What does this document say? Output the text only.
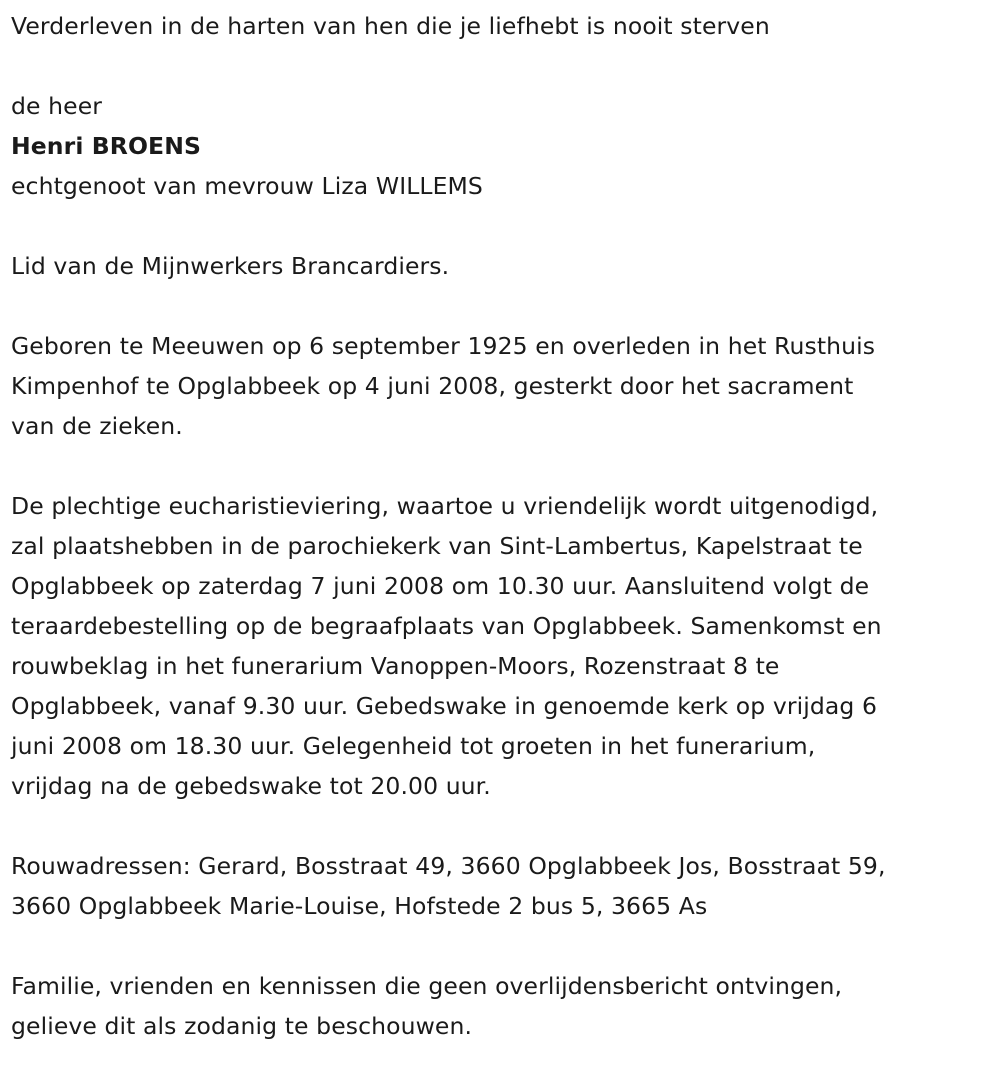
Verderleven in de harten van hen die je liefhebt is nooit sterven

de heer

Henri BROENS

echtgenoot van mevrouw Liza WILLEMS

Lid van de Mijnwerkers Brancardiers.

Geboren te Meeuwen op 6 september 1925 en overleden in het Rusthuis

Kimpenhof te Opglabbeek op 4 juni 2008, gesterkt door het sacrament

van de zieken.

De plechtige eucharistieviering, waartoe u vriendelijk wordt uitgenodigd,

zal plaatshebben in de parochiekerk van Sint-Lambertus, Kapelstraat te

Opglabbeek op zaterdag 7 juni 2008 om 10.30 uur. Aansluitend volgt de

teraardebestelling op de begraafplaats van Opglabbeek. Samenkomst en

rouwbeklag in het funerarium Vanoppen-Moors, Rozenstraat 8 te

Opglabbeek, vanaf 9.30 uur. Gebedswake in genoemde kerk op vrijdag 6

juni 2008 om 18.30 uur. Gelegenheid tot groeten in het funerarium,

vrijdag na de gebedswake tot 20.00 uur.

Rouwadressen: Gerard, Bosstraat 49, 3660 Opglabbeek Jos, Bosstraat 59,

3660 Opglabbeek Marie-Louise, Hofstede 2 bus 5, 3665 As

Familie, vrienden en kennissen die geen overlijdensbericht ontvingen,

gelieve dit als zodanig te beschouwen.
